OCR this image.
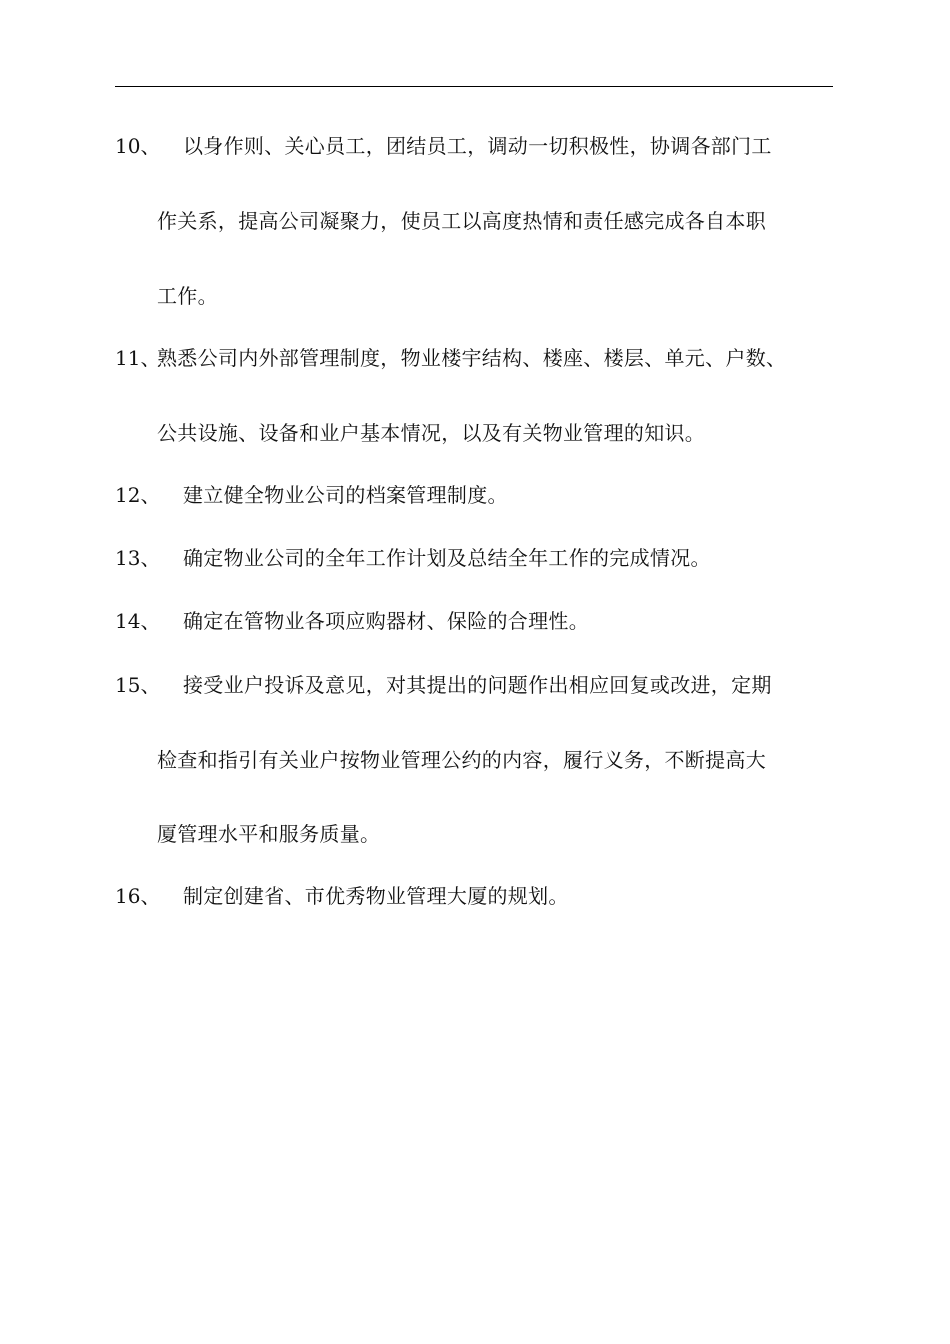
10、 以身作则、关心员工，团结员工，调动一切积极性，协调各部门工
作关系，提高公司凝聚力，使员工以高度热情和责任感完成各自本职
工作。
11、
熟悉公司内外部管理制度，物业楼宇结构、楼座、楼层、单元、户数、
公共设施、设备和业户基本情况，以及有关物业管理的知识。
12、 建立健全物业公司的档案管理制度。
13、 确定物业公司的全年工作计划及总结全年工作的完成情况。
14、 确定在管物业各项应购器材、保险的合理性。
15、 接受业户投诉及意见，对其提出的问题作出相应回复或改进，定期
检查和指引有关业户按物业管理公约的内容，履行义务，不断提高大
厦管理水平和服务质量。
16、 制定创建省、市优秀物业管理大厦的规划。
